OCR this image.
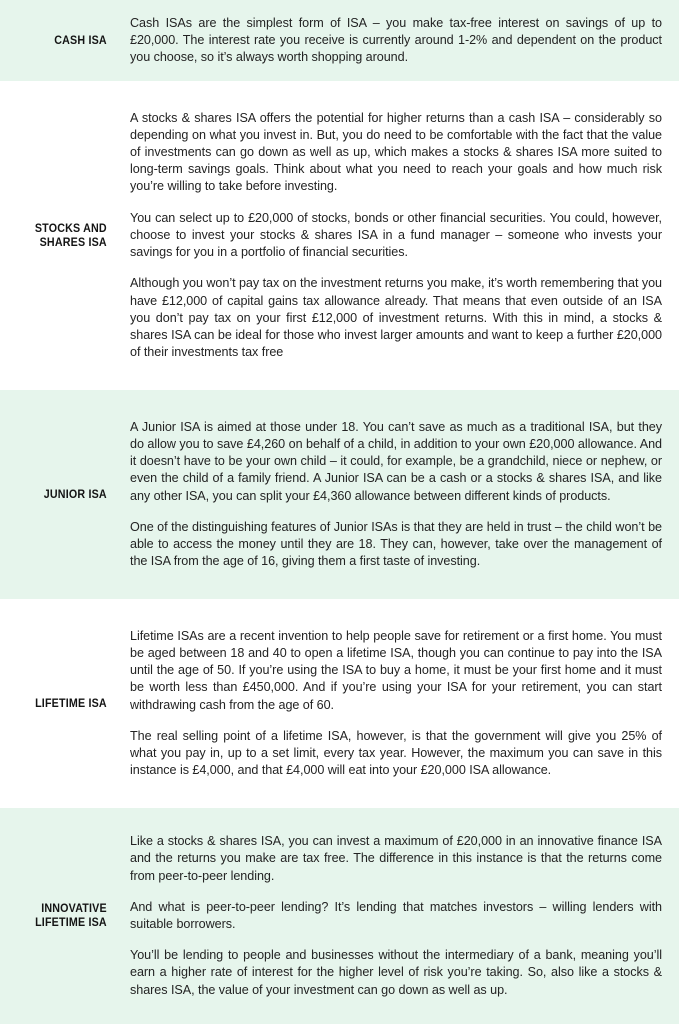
CASH ISA

Cash ISAs are the simplest form of ISA – you make tax-free interest on savings of up to £20,000. The interest rate you receive is currently around 1-2% and dependent on the product you choose, so it’s always worth shopping around.

STOCKS AND SHARES ISA

A stocks & shares ISA offers the potential for higher returns than a cash ISA – considerably so depending on what you invest in. But, you do need to be comfortable with the fact that the value of investments can go down as well as up, which makes a stocks & shares ISA more suited to long-term savings goals. Think about what you need to reach your goals and how much risk you’re willing to take before investing.

You can select up to £20,000 of stocks, bonds or other financial securities. You could, however, choose to invest your stocks & shares ISA in a fund manager – someone who invests your savings for you in a portfolio of financial securities.

Although you won’t pay tax on the investment returns you make, it’s worth remembering that you have £12,000 of capital gains tax allowance already. That means that even outside of an ISA you don’t pay tax on your first £12,000 of investment returns. With this in mind, a stocks & shares ISA can be ideal for those who invest larger amounts and want to keep a further £20,000 of their investments tax free

JUNIOR ISA

A Junior ISA is aimed at those under 18. You can’t save as much as a traditional ISA, but they do allow you to save £4,260 on behalf of a child, in addition to your own £20,000 allowance. And it doesn’t have to be your own child – it could, for example, be a grandchild, niece or nephew, or even the child of a family friend. A Junior ISA can be a cash or a stocks & shares ISA, and like any other ISA, you can split your £4,360 allowance between different kinds of products.

One of the distinguishing features of Junior ISAs is that they are held in trust – the child won’t be able to access the money until they are 18. They can, however, take over the management of the ISA from the age of 16, giving them a first taste of investing.

LIFETIME ISA

Lifetime ISAs are a recent invention to help people save for retirement or a first home. You must be aged between 18 and 40 to open a lifetime ISA, though you can continue to pay into the ISA until the age of 50. If you’re using the ISA to buy a home, it must be your first home and it must be worth less than £450,000. And if you’re using your ISA for your retirement, you can start withdrawing cash from the age of 60.

The real selling point of a lifetime ISA, however, is that the government will give you 25% of what you pay in, up to a set limit, every tax year. However, the maximum you can save in this instance is £4,000, and that £4,000 will eat into your £20,000 ISA allowance.

INNOVATIVE LIFETIME ISA

Like a stocks & shares ISA, you can invest a maximum of £20,000 in an innovative finance ISA and the returns you make are tax free. The difference in this instance is that the returns come from peer-to-peer lending.

And what is peer-to-peer lending? It’s lending that matches investors – willing lenders with suitable borrowers.

You’ll be lending to people and businesses without the intermediary of a bank, meaning you’ll earn a higher rate of interest for the higher level of risk you’re taking. So, also like a stocks & shares ISA, the value of your investment can go down as well as up.
